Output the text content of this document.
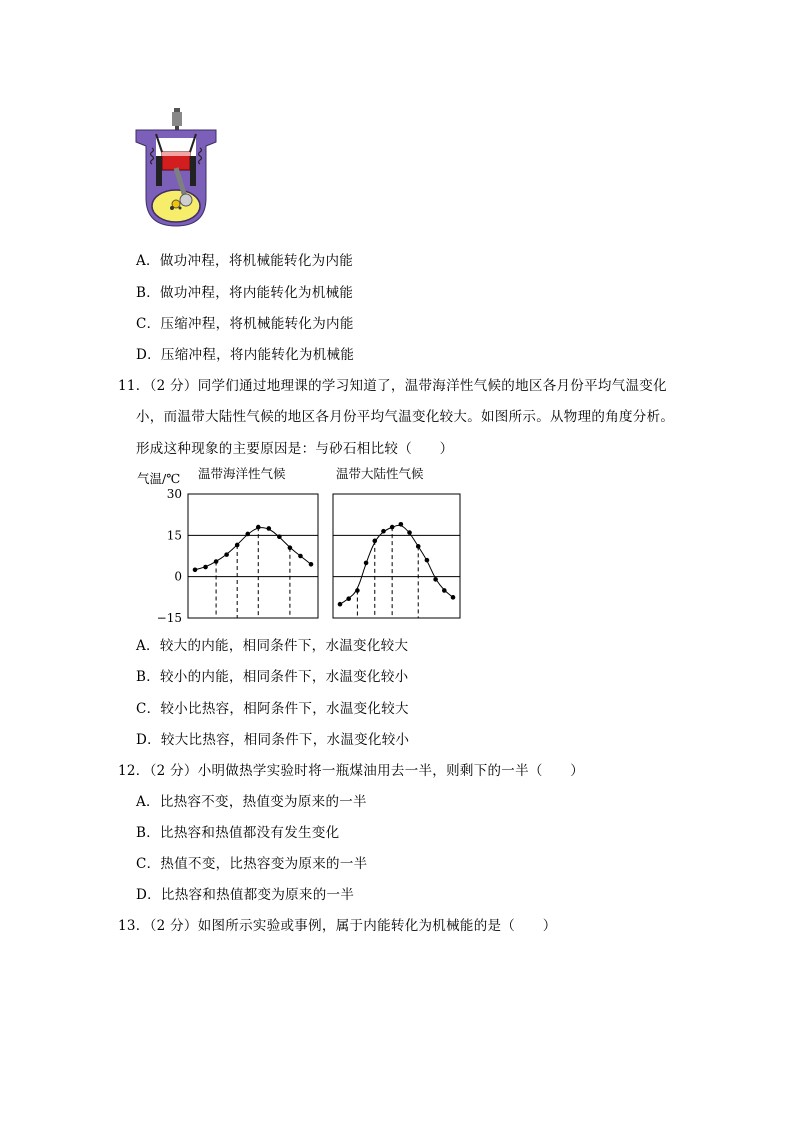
A．做功冲程，将机械能转化为内能
B．做功冲程，将内能转化为机械能
C．压缩冲程，将机械能转化为内能
D．压缩冲程，将内能转化为机械能
11．（2 分）同学们通过地理课的学习知道了，温带海洋性气候的地区各月份平均气温变化
小，而温带大陆性气候的地区各月份平均气温变化较大。如图所示。从物理的角度分析。
形成这种现象的主要原因是：与砂石相比较（　　）
气温/℃ 温带海洋性气候	温带大陆性气候
30
15
0
−15
A．较大的内能，相同条件下，水温变化较大
B．较小的内能，相同条件下，水温变化较小
C．较小比热容，相阿条件下，水温变化较大
D．较大比热容，相同条件下，水温变化较小
12．（2 分）小明做热学实验时将一瓶煤油用去一半，则剩下的一半（　　）
A．比热容不变，热值变为原来的一半
B．比热容和热值都没有发生变化
C．热值不变，比热容变为原来的一半
D．比热容和热值都变为原来的一半
13．（2 分）如图所示实验或事例，属于内能转化为机械能的是（　　）
